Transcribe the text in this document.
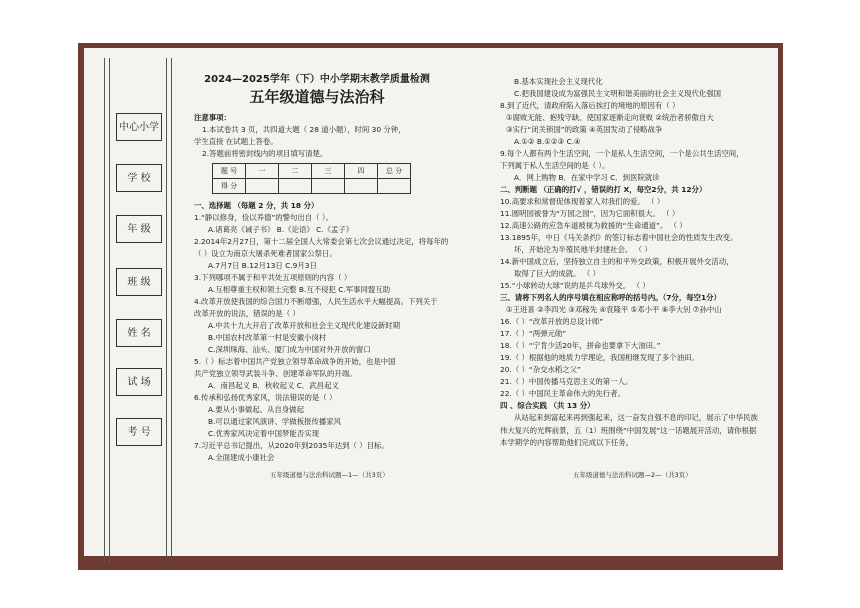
中心小学
学 校
年 级
班 级
姓 名
试 场
考 号
2024—2025学年（下）中小学期末教学质量检测
五年级道德与法治科
注意事项：
1.本试卷共 3 页，共四道大题（ 28 道小题），时间 30 分钟，
学生直接 在试题上答卷。
2.答题前将密封线内的项目填写清楚。
题 号	一	二	三	四	总 分
得 分					
一、选择题 （每题 2 分，共 18 分）
1.“静以修身，俭以养德”的警句出自（ ）。
A.诸葛亮《诫子书》 B.《论语》 C.《孟子》
2.2014年2月27日，第十二届全国人大常委会第七次会议通过决定，将每年的
（ ）设立为南京大屠杀死难者国家公祭日。
A.7月7日 B.12月13日 C.9月3日
3.下列哪项不属于和平共处五项原则的内容（ ）
A.互相尊重主权和领土完整 B.互不侵犯 C.军事同盟互助
4.改革开放使我国的综合国力不断增强，人民生活水平大幅提高。下列关于
改革开放的说法，错误的是（ ）
A.中共十九大开启了改革开放和社会主义现代化建设新时期
B.中国农村改革第一村是安徽小岗村
C.深圳珠海、汕头、厦门成为中国对外开放的窗口
5.（ ）标志着中国共产党独立领导革命战争的开始，也是中国
共产党独立领导武装斗争、创建革命军队的开端。
A．南昌起义 B．秋收起义 C．武昌起义
6.传承和弘扬优秀家风，说法错误的是（ ）
A.要从小事做起、从自身做起
B.可以通过家风演讲、学做板报传播家风
C.优秀家风决定着中国梦能否实现
7.习近平总书记提出，从2020年到2035年达到（ ）目标。
A.全面建成小康社会
五年级道德与法治科试题—1—（共3页）
B.基本实现社会主义现代化
C.把我国建设成为富强民主文明和谐美丽的社会主义现代化强国
8.到了近代，清政府陷入落后挨打的境地的原因有（ ）
①腐败无能、抱残守缺、使国家逐渐走向衰败 ②统治者骄傲自大
③实行“闭关锁国”的政策 ④英国发动了侵略战争
A.①② B.①②③ C.④
9.每个人都有两个生活空间，一个是私人生活空间，一个是公共生活空间，
下列属于私人生活空间的是（ ）。
A．网上购物 B．在家中学习 C．到医院就诊
二、判断题 （正确的打√ ，错误的打 X，每空2分，共 12分）
10.高要求和常督促体现着家人对我们的爱。 （ ）
11.圆明园被誉为“万园之园”，因为它面积很大。 （ ）
12.高速公路的应急车道被视为救援的“生命通道”。 （ ）
13.1895年，中日《马关条约》的签订标志着中国社会的性质发生改变。
坏，开始沦为半殖民地半封建社会。 （ ）
14.新中国成立后，坚持独立自主的和平外交政策，积极开展外交活动，
取得了巨大的成就。 （ ）
15.“小球转动大球”说的是乒乓球外交。 （ ）
三、请将下列名人的序号填在相应称呼的括号内。（7分，每空1分）
①王进喜 ②李四光 ③邓稼先 ④袁隆平 ⑤邓小平 ⑥李大钊 ⑦孙中山
16.（ ）“改革开放的总设计师”
17.（ ）“两弹元勋”
18.（ ）“宁肯少活20年，拼命也要拿下大油田。”
19.（ ）根据他的地质力学理论，我国相继发现了多个油田。
20.（ ）“杂交水稻之父”
21.（ ）中国传播马克思主义的第一人。
22.（ ）中国民主革命伟大的先行者。
四 、综合实践 （共 13 分）
从站起来到富起来再到强起来，这一奋发自强不息的印记，展示了中华民族伟大复兴的光辉前景，五（1）班围绕“中国发展”这一话题展开活动，请你根据本学期学的内容帮助他们完成以下任务。
五年级道德与法治科试题—2—（共3页）
